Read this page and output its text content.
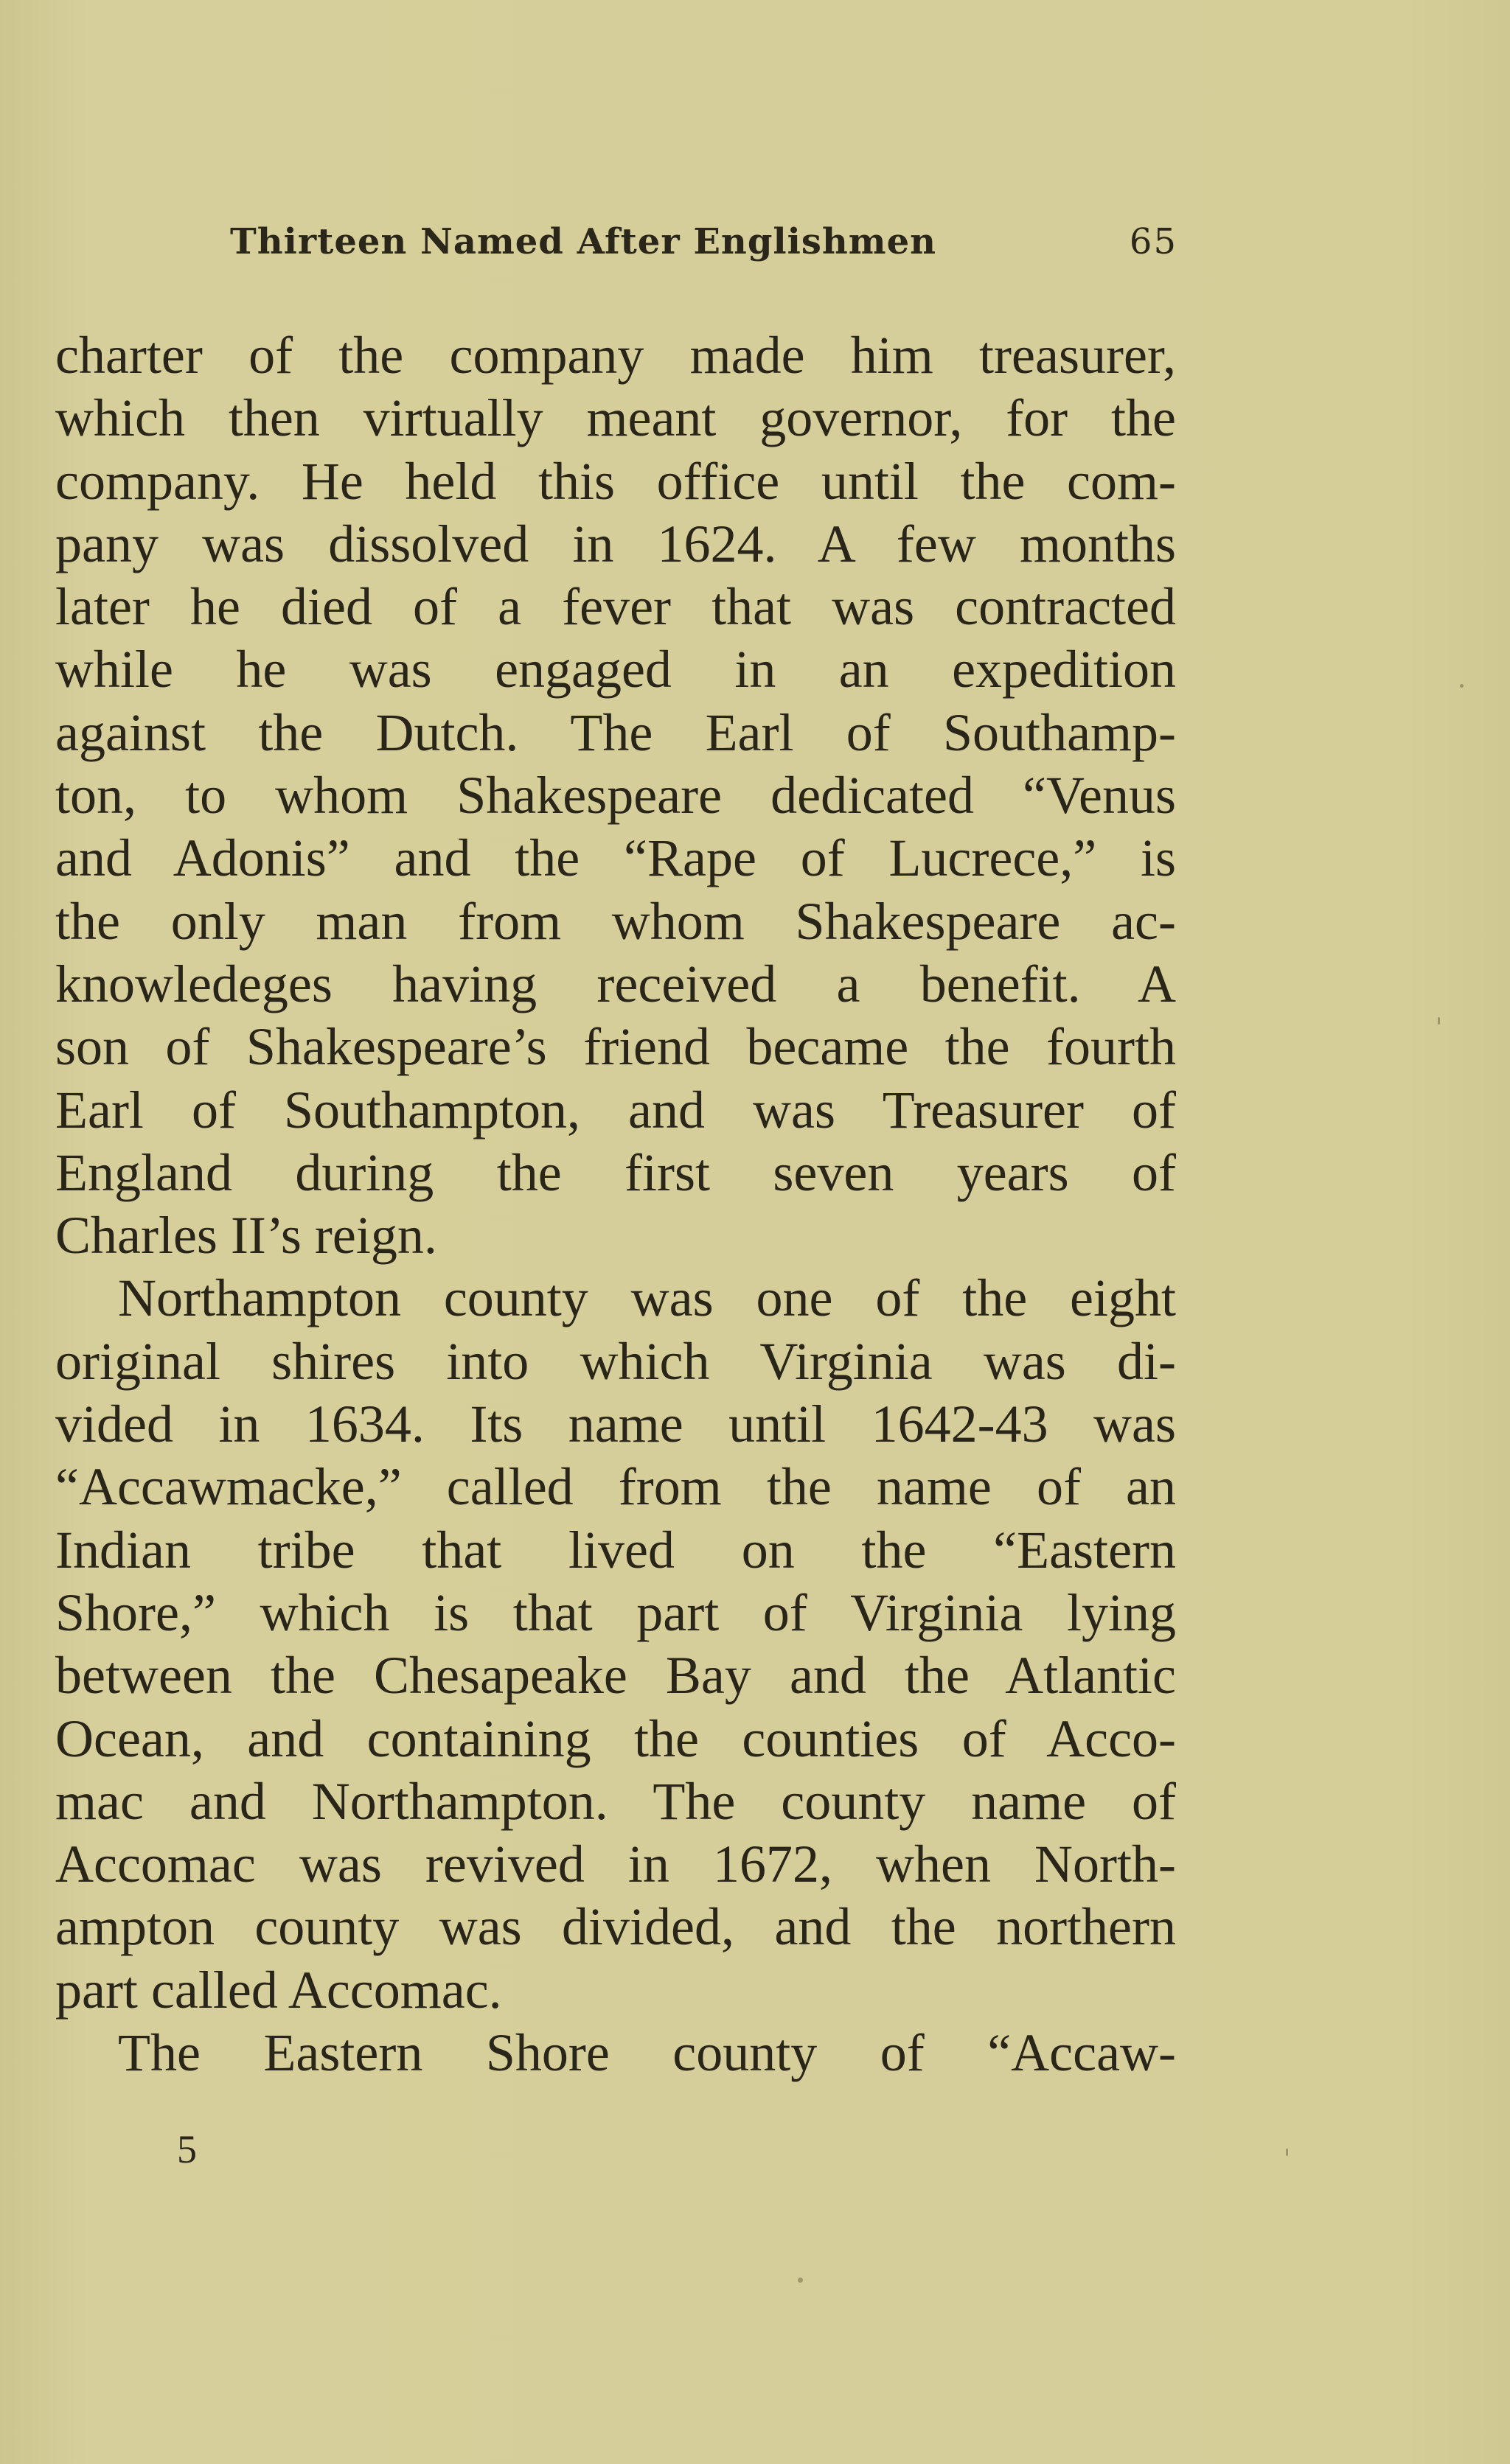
Thirteen Named After Englishmen	65
charter of the company made him treasurer,
which then virtually meant governor, for the
company. He held this office until the com-
pany was dissolved in 1624. A few months
later he died of a fever that was contracted
while he was engaged in an expedition
against the Dutch. The Earl of Southamp-
ton, to whom Shakespeare dedicated “Venus
and Adonis” and the “Rape of Lucrece,” is
the only man from whom Shakespeare ac-
knowledeges having received a benefit. A
son of Shakespeare’s friend became the fourth
Earl of Southampton, and was Treasurer of
England during the first seven years of
Charles II’s reign.
Northampton county was one of the eight
original shires into which Virginia was di-
vided in 1634. Its name until 1642-43 was
“Accawmacke,” called from the name of an
Indian tribe that lived on the “Eastern
Shore,” which is that part of Virginia lying
between the Chesapeake Bay and the Atlantic
Ocean, and containing the counties of Acco-
mac and Northampton. The county name of
Accomac was revived in 1672, when North-
ampton county was divided, and the northern
part called Accomac.
The Eastern Shore county of “Accaw-
5
